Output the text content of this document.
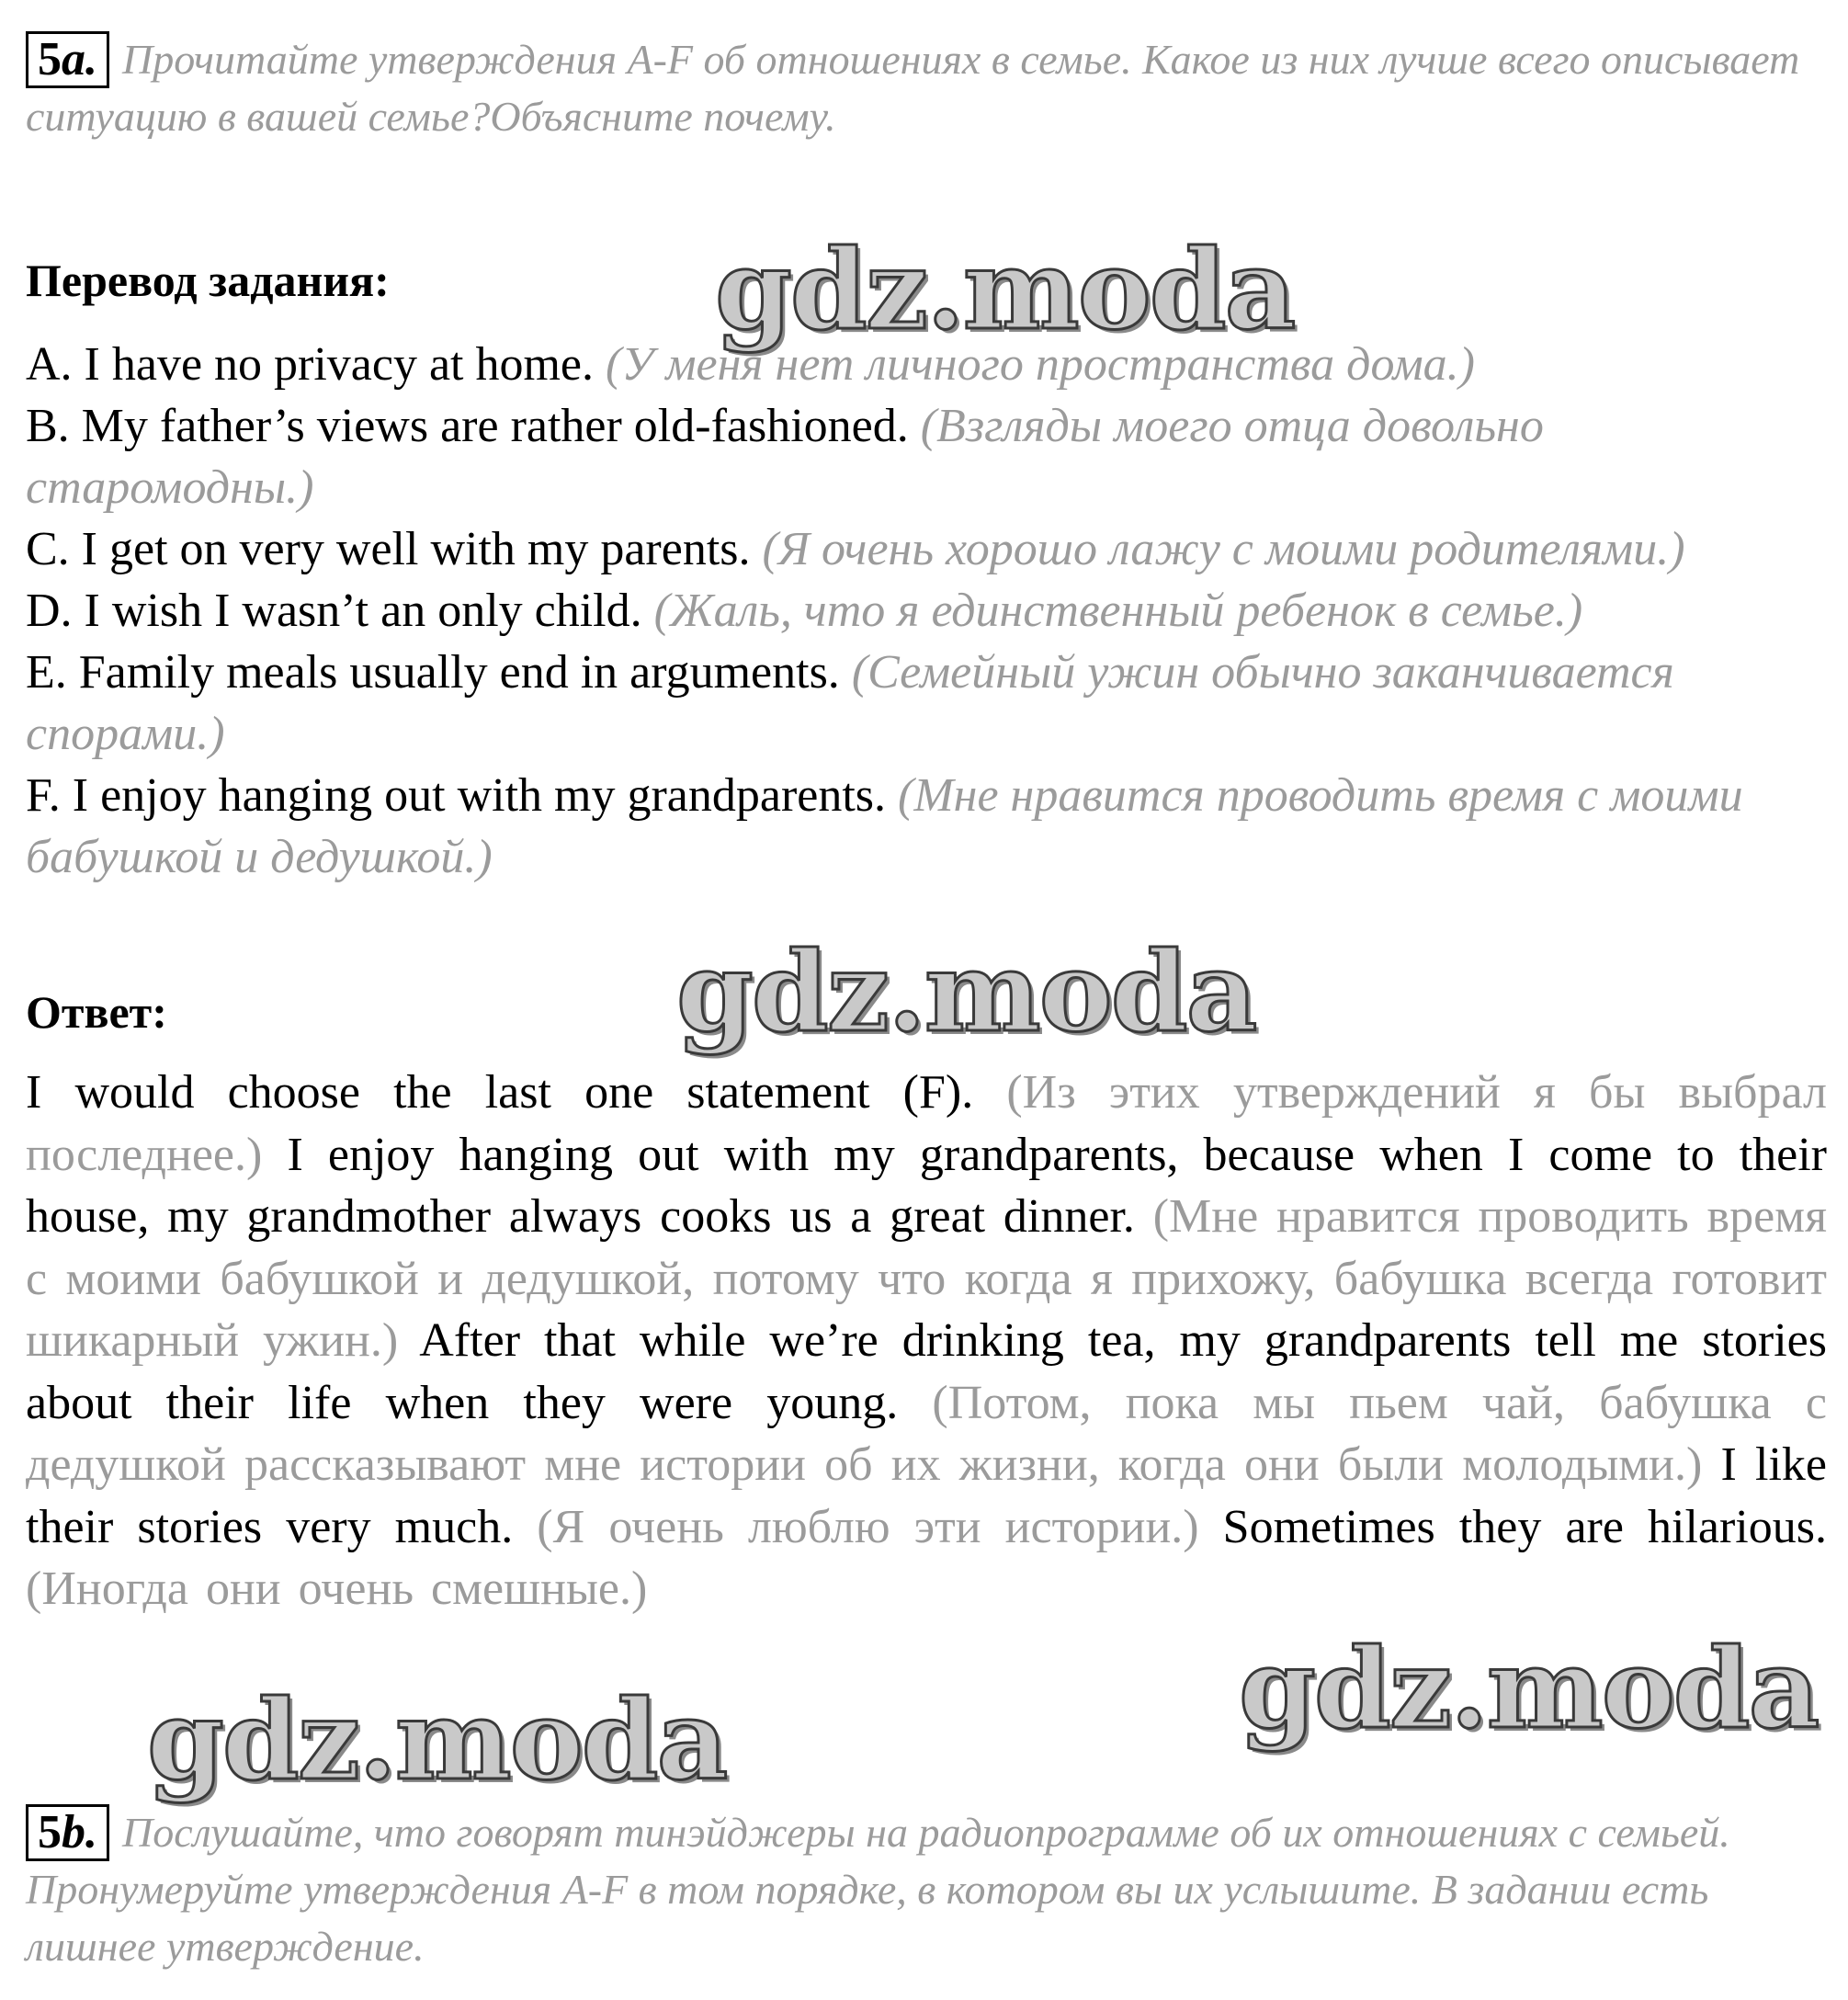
5a. Прочитайте утверждения A-F об отношениях в семье. Какое из них лучше всего описывает ситуацию в вашей семье?Объясните почему.
Перевод задания:

A. I have no privacy at home. (У меня нет личного пространства дома.)

B. My father’s views are rather old-fashioned. (Взгляды моего отца довольно старомодны.)

C. I get on very well with my parents. (Я очень хорошо лажу с моими родителями.)

D. I wish I wasn’t an only child. (Жаль, что я единственный ребенок в семье.)

E. Family meals usually end in arguments. (Семейный ужин обычно заканчивается спорами.)

F. I enjoy hanging out with my grandparents. (Мне нравится проводить время с моими бабушкой и дедушкой.)

Ответ:
I would choose the last one statement (F). (Из этих утверждений я бы выбрал последнее.) I enjoy hanging out with my grandparents, because when I come to their house, my grandmother always cooks us a great dinner. (Мне нравится проводить время с моими бабушкой и дедушкой, потому что когда я прихожу, бабушка всегда готовит шикарный ужин.) After that while we’re drinking tea, my grandparents tell me stories about their life when they were young. (Потом, пока мы пьем чай, бабушка с дедушкой рассказывают мне истории об их жизни, когда они были молодыми.) I like their stories very much. (Я очень люблю эти истории.) Sometimes they are hilarious. (Иногда они очень смешные.)
5b. Послушайте, что говорят тинэйджеры на радиопрограмме об их отношениях с семьей. Пронумеруйте утверждения A-F в том порядке, в котором вы их услышите. В задании есть лишнее утверждение.
gdz.moda
gdz.moda
gdz.moda
gdz.moda
